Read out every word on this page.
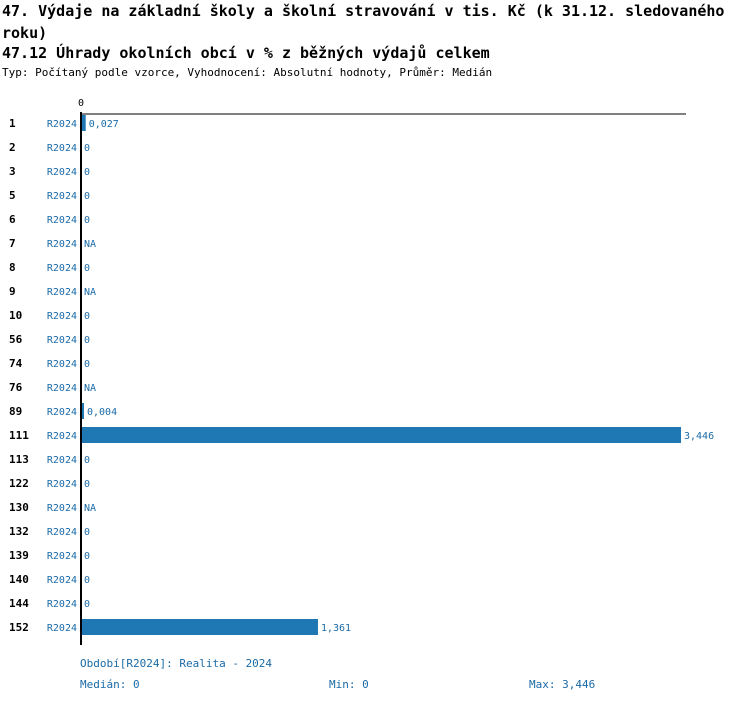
47. Výdaje na základní školy a školní stravování v tis. Kč (k 31.12. sledovaného roku)
47.12 Úhrady okolních obcí v % z běžných výdajů celkem
Typ: Počítaný podle vzorce, Vyhodnocení: Absolutní hodnoty, Průměr: Medián
0
1	R2024 0,027
2	R2024 0
3	R2024 0
5	R2024 0
6	R2024 0
7	R2024 NA
8	R2024 0
9	R2024 NA
10 R2024 0
56 R2024 0
74 R2024 0
76 R2024 NA
89 R2024 0,004
111 R2024	3,446
113 R2024 0
122 R2024 0
130 R2024 NA
132 R2024 0
139 R2024 0
140 R2024 0
144 R2024 0
152 R2024	1,361
Období[R2024]: Realita - 2024
Medián: 0	Min: 0	Max: 3,446
